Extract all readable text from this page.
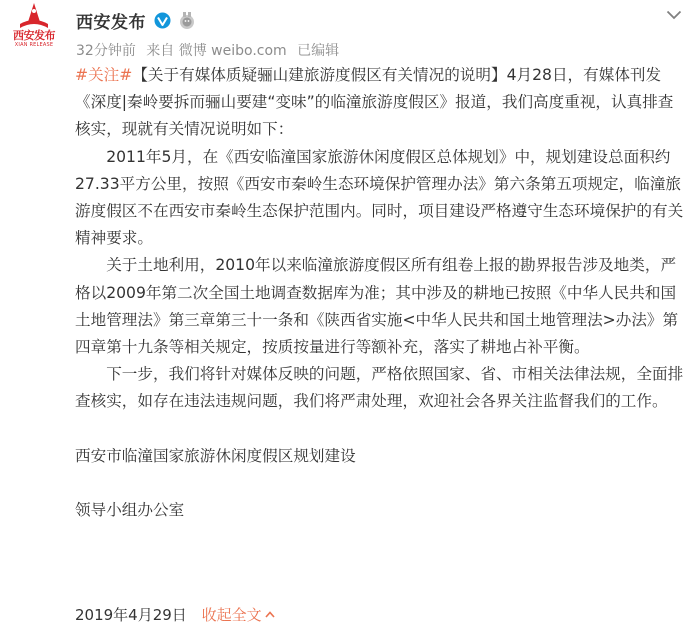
西安发布
XIAN RELEASE
西安发布
32分钟前 来自 微博 weibo.com 已编辑

#关注#【关于有媒体质疑骊山建旅游度假区有关情况的说明】4月28日，有媒体刊发《深度|秦岭要拆而骊山要建“变味”的临潼旅游度假区》报道，我们高度重视，认真排查核实，现就有关情况说明如下：

2011年5月，在《西安临潼国家旅游休闲度假区总体规划》中，规划建设总面积约27.33平方公里，按照《西安市秦岭生态环境保护管理办法》第六条第五项规定，临潼旅游度假区不在西安市秦岭生态保护范围内。同时，项目建设严格遵守生态环境保护的有关精神要求。

关于土地利用，2010年以来临潼旅游度假区所有组卷上报的勘界报告涉及地类，严格以2009年第二次全国土地调查数据库为准；其中涉及的耕地已按照《中华人民共和国土地管理法》第三章第三十一条和《陕西省实施<中华人民共和国土地管理法>办法》第四章第十九条等相关规定，按质按量进行等额补充，落实了耕地占补平衡。

下一步，我们将针对媒体反映的问题，严格依照国家、省、市相关法律法规，全面排查核实，如存在违法违规问题，我们将严肃处理，欢迎社会各界关注监督我们的工作。

西安市临潼国家旅游休闲度假区规划建设

领导小组办公室

2019年4月29日 收起全文
